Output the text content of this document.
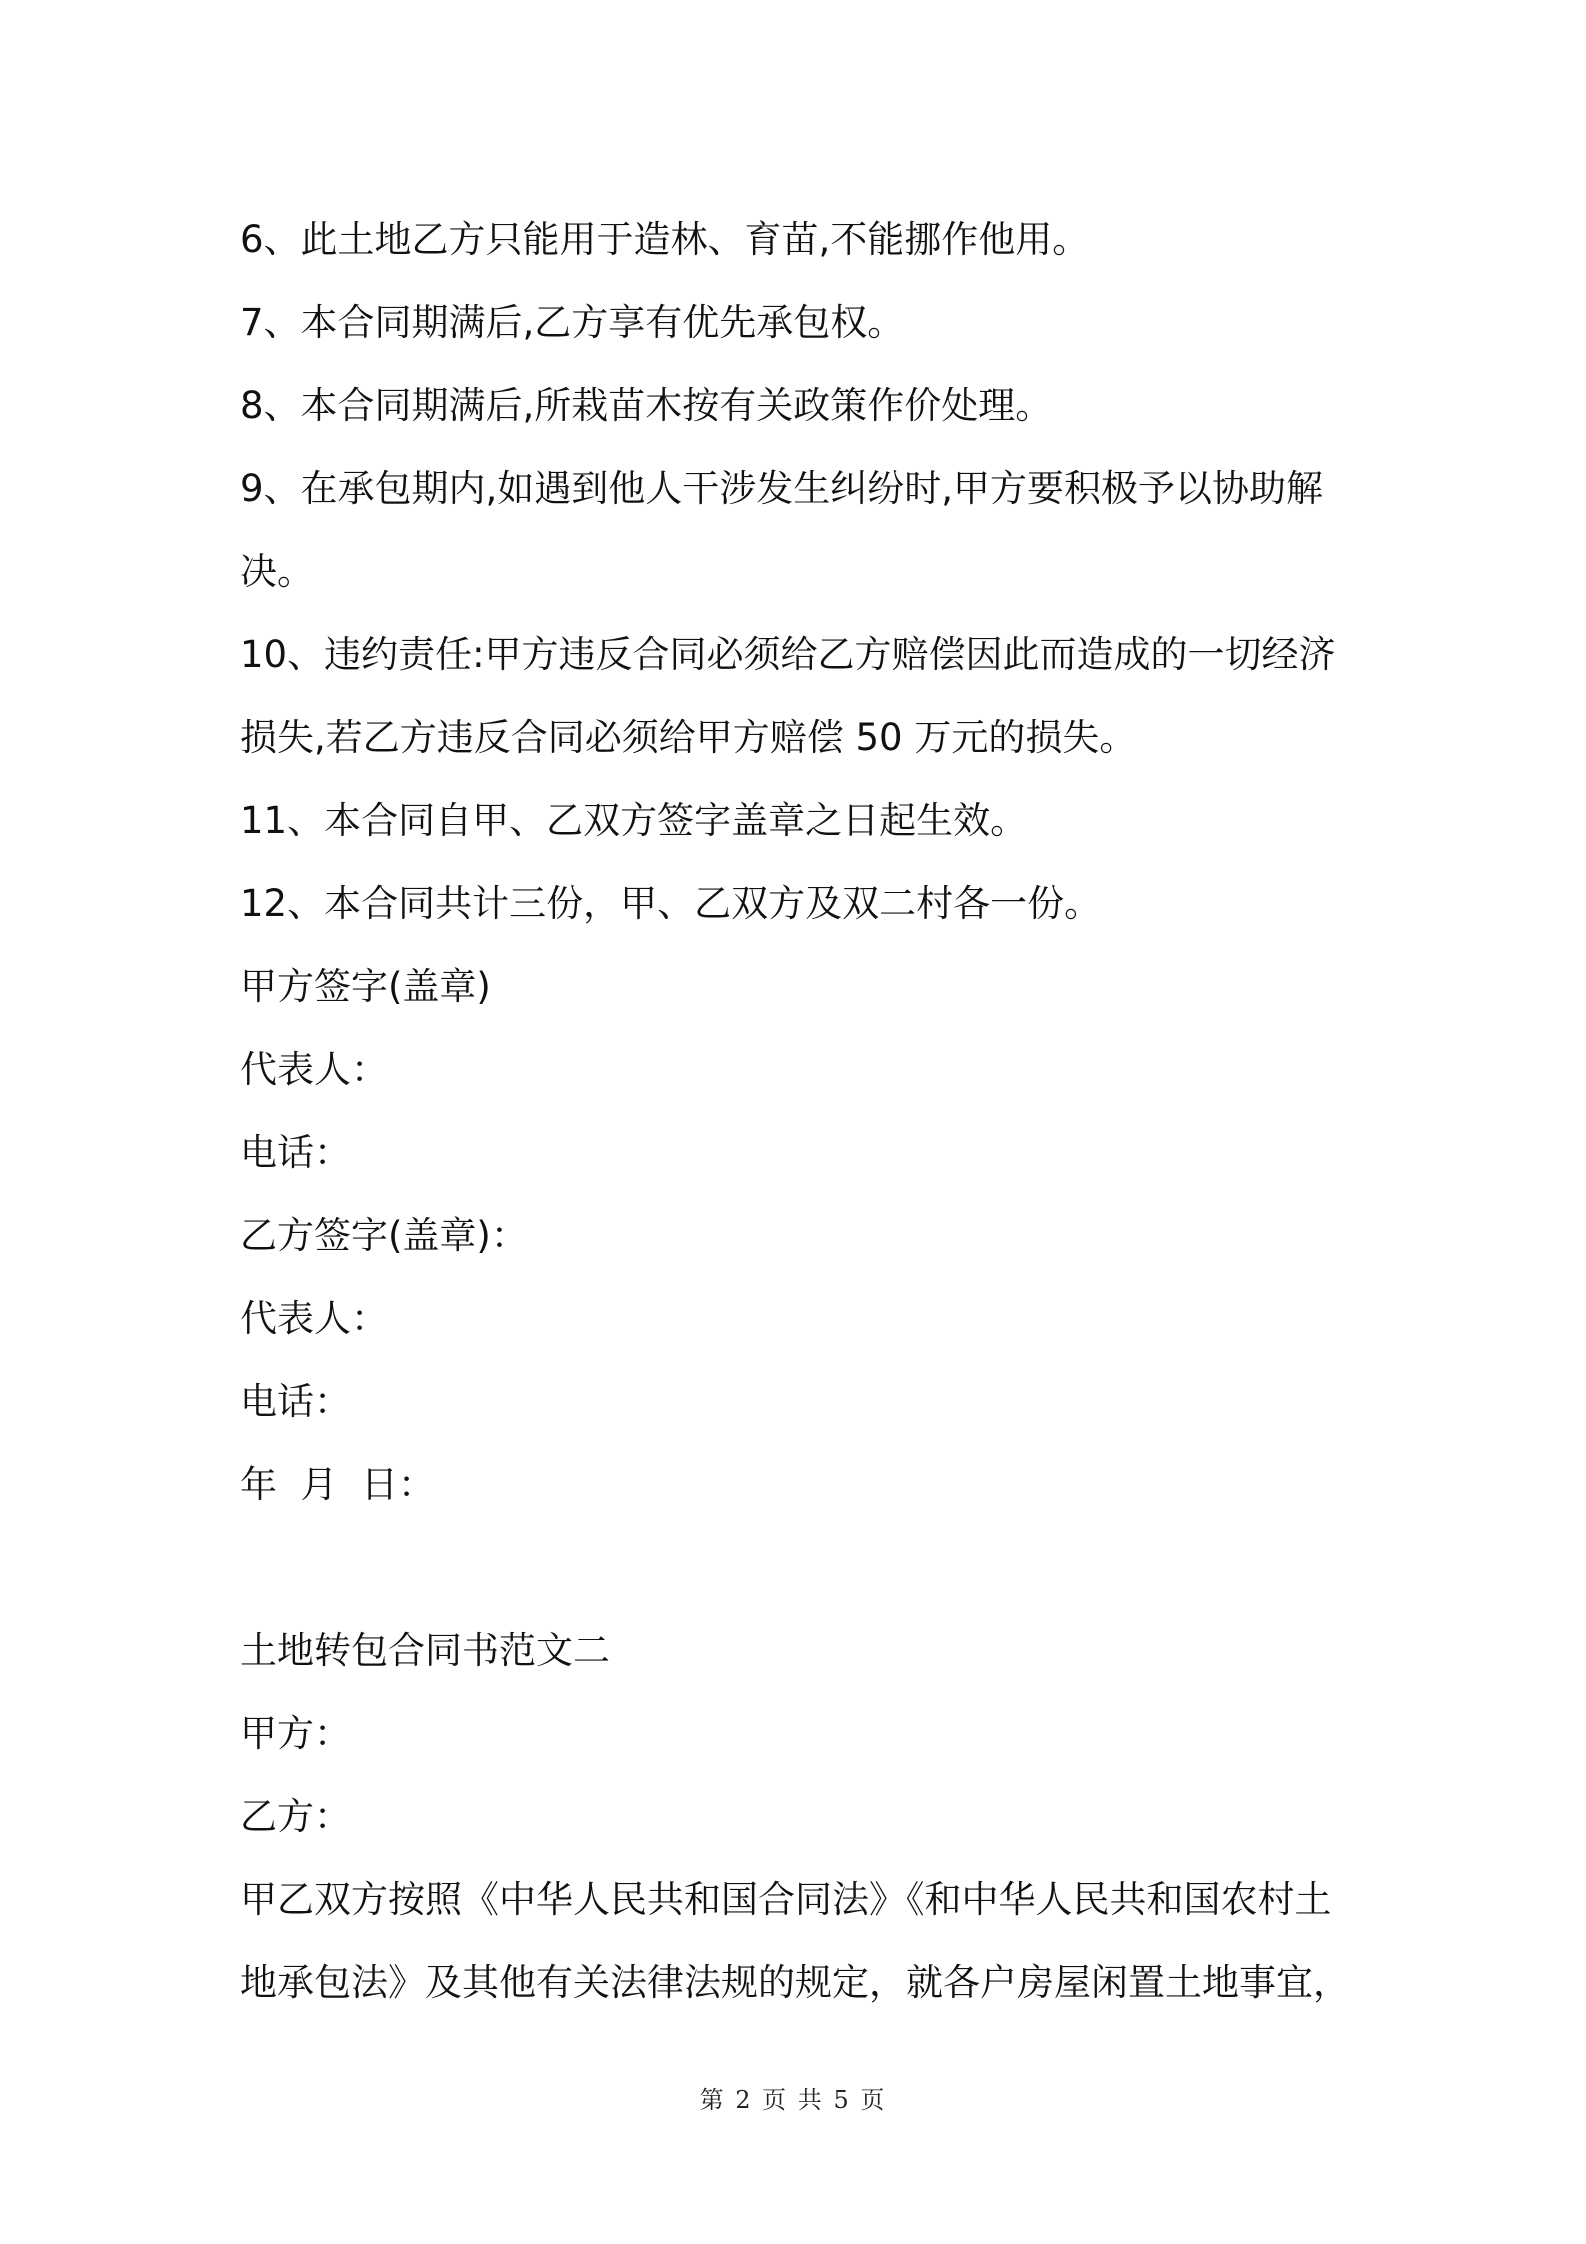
6、此土地乙方只能用于造林、育苗,不能挪作他用。
7、本合同期满后,乙方享有优先承包权。
8、本合同期满后,所栽苗木按有关政策作价处理。
9、在承包期内,如遇到他人干涉发生纠纷时,甲方要积极予以协助解
决。
10、违约责任:甲方违反合同必须给乙方赔偿因此而造成的一切经济
损失,若乙方违反合同必须给甲方赔偿 50 万元的损失。
11、本合同自甲、乙双方签字盖章之日起生效。
12、本合同共计三份，甲、乙双方及双二村各一份。
甲方签字(盖章)
代表人：
电话：
乙方签字(盖章)：
代表人：
电话：
年  月  日：
土地转包合同书范文二
甲方：
乙方：
甲乙双方按照《中华人民共和国合同法》《和中华人民共和国农村土
地承包法》及其他有关法律法规的规定，就各户房屋闲置土地事宜，
第 2 页 共 5 页
